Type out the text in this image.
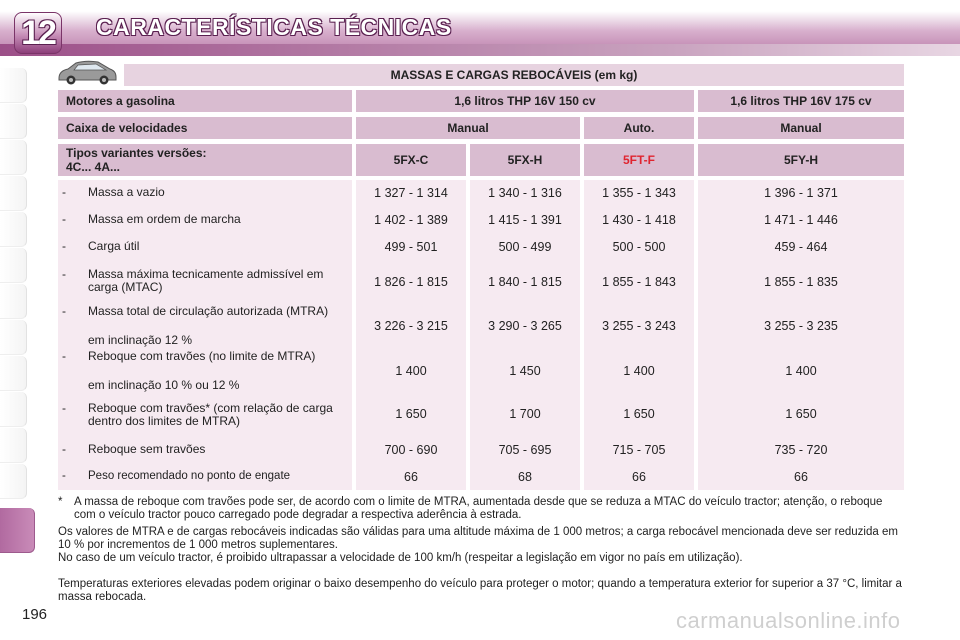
12	CARACTERÍSTICAS TÉCNICAS
MASSAS E CARGAS REBOCÁVEIS (em kg)
Motores a gasolina	1,6 litros THP 16V 150 cv	1,6 litros THP 16V 175 cv
Caixa de velocidades	Manual	Auto.	Manual
Tipos variantes versões:
4C... 4A...	5FX-C	5FX-H	5FT-F	5FY-H
- Massa a vazio	1 327 - 1 314	1 340 - 1 316	1 355 - 1 343	1 396 - 1 371
- Massa em ordem de marcha	1 402 - 1 389	1 415 - 1 391	1 430 - 1 418	1 471 - 1 446
- Carga útil	499 - 501	500 - 499	500 - 500	459 - 464
- Massa máxima tecnicamente admissível em carga (MTAC)	1 826 - 1 815	1 840 - 1 815	1 855 - 1 843	1 855 - 1 835
- Massa total de circulação autorizada (MTRA)
em inclinação 12 %
3 226 - 3 215	3 290 - 3 265	3 255 - 3 243	3 255 - 3 235
- Reboque com travões (no limite de MTRA)
em inclinação 10 % ou 12 %
1 400	1 450	1 400	1 400
- Reboque com travões* (com relação de carga dentro dos limites de MTRA)	1 650	1 700	1 650	1 650
- Reboque sem travões	700 - 690	705 - 695	715 - 705	735 - 720
- Peso recomendado no ponto de engate	66	68	66	66
* A massa de reboque com travões pode ser, de acordo com o limite de MTRA, aumentada desde que se reduza a MTAC do veículo tractor; atenção, o reboque com o veículo tractor pouco carregado pode degradar a respectiva aderência à estrada.
Os valores de MTRA e de cargas rebocáveis indicadas são válidas para uma altitude máxima de 1 000 metros; a carga rebocável mencionada deve ser reduzida em 10 % por incrementos de 1 000 metros suplementares.
No caso de um veículo tractor, é proibido ultrapassar a velocidade de 100 km/h (respeitar a legislação em vigor no país em utilização).
Temperaturas exteriores elevadas podem originar o baixo desempenho do veículo para proteger o motor; quando a temperatura exterior for superior a 37 °C, limitar a massa rebocada.
196	carmanualsonline.info
